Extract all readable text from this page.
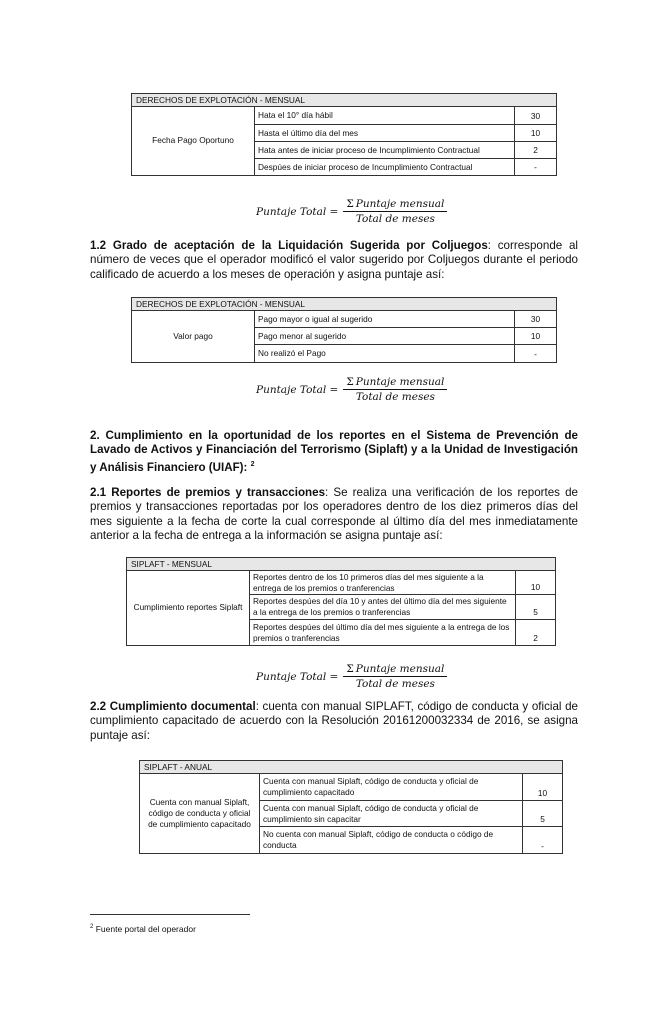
DERECHOS DE EXPLOTACIÓN - MENSUAL
Fecha Pago Oportuno
Hata el 10° día hábil	30
Hasta el último día del mes	10
Hata antes de iniciar proceso de Incumplimiento Contractual	2
Despúes de iniciar proceso de Incumplimiento Contractual	-
Puntaje Total = $\frac{\text{Σ Puntaje mensual}}{\text{Total de meses}}$
1.2 Grado de aceptación de la Liquidación Sugerida por Coljuegos: corresponde al número de veces que el operador modificó el valor sugerido por Coljuegos durante el periodo calificado de acuerdo a los meses de operación y asigna puntaje así:
DERECHOS DE EXPLOTACIÓN - MENSUAL
Valor pago
Pago mayor o igual al sugerido	30
Pago menor al sugerido	10
No realizó el Pago	-
Puntaje Total = $\frac{\text{Σ Puntaje mensual}}{\text{Total de meses}}$
2. Cumplimiento en la oportunidad de los reportes en el Sistema de Prevención de Lavado de Activos y Financiación del Terrorismo (Siplaft) y a la Unidad de Investigación y Análisis Financiero (UIAF): $^2$
2.1 Reportes de premios y transacciones: Se realiza una verificación de los reportes de premios y transacciones reportadas por los operadores dentro de los diez primeros días del mes siguiente a la fecha de corte la cual corresponde al último día del mes inmediatamente anterior a la fecha de entrega a la información se asigna puntaje así:
SIPLAFT - MENSUAL
Cumplimiento reportes Siplaft
Reportes dentro de los 10 primeros días del mes siguiente a la entrega de los premios o tranferencias	10
Reportes despúes del día 10 y antes del último día del mes siguiente a la entrega de los premios o tranferencias	5
Reportes despúes del último día del mes siguiente a la entrega de los premios o tranferencias	2
Puntaje Total = $\frac{\text{Σ Puntaje mensual}}{\text{Total de meses}}$
2.2 Cumplimiento documental: cuenta con manual SIPLAFT, código de conducta y oficial de cumplimiento capacitado de acuerdo con la Resolución 20161200032334 de 2016, se asigna puntaje así:
SIPLAFT - ANUAL
Cuenta con manual Siplaft, código de conducta y oficial de cumplimiento capacitado
Cuenta con manual Siplaft, código de conducta y oficial de cumplimiento capacitado	10
Cuenta con manual Siplaft, código de conducta y oficial de cumplimiento sin capacitar	5
No cuenta con manual Siplaft, código de conducta o código de conducta	-
$^2$ Fuente portal del operador
